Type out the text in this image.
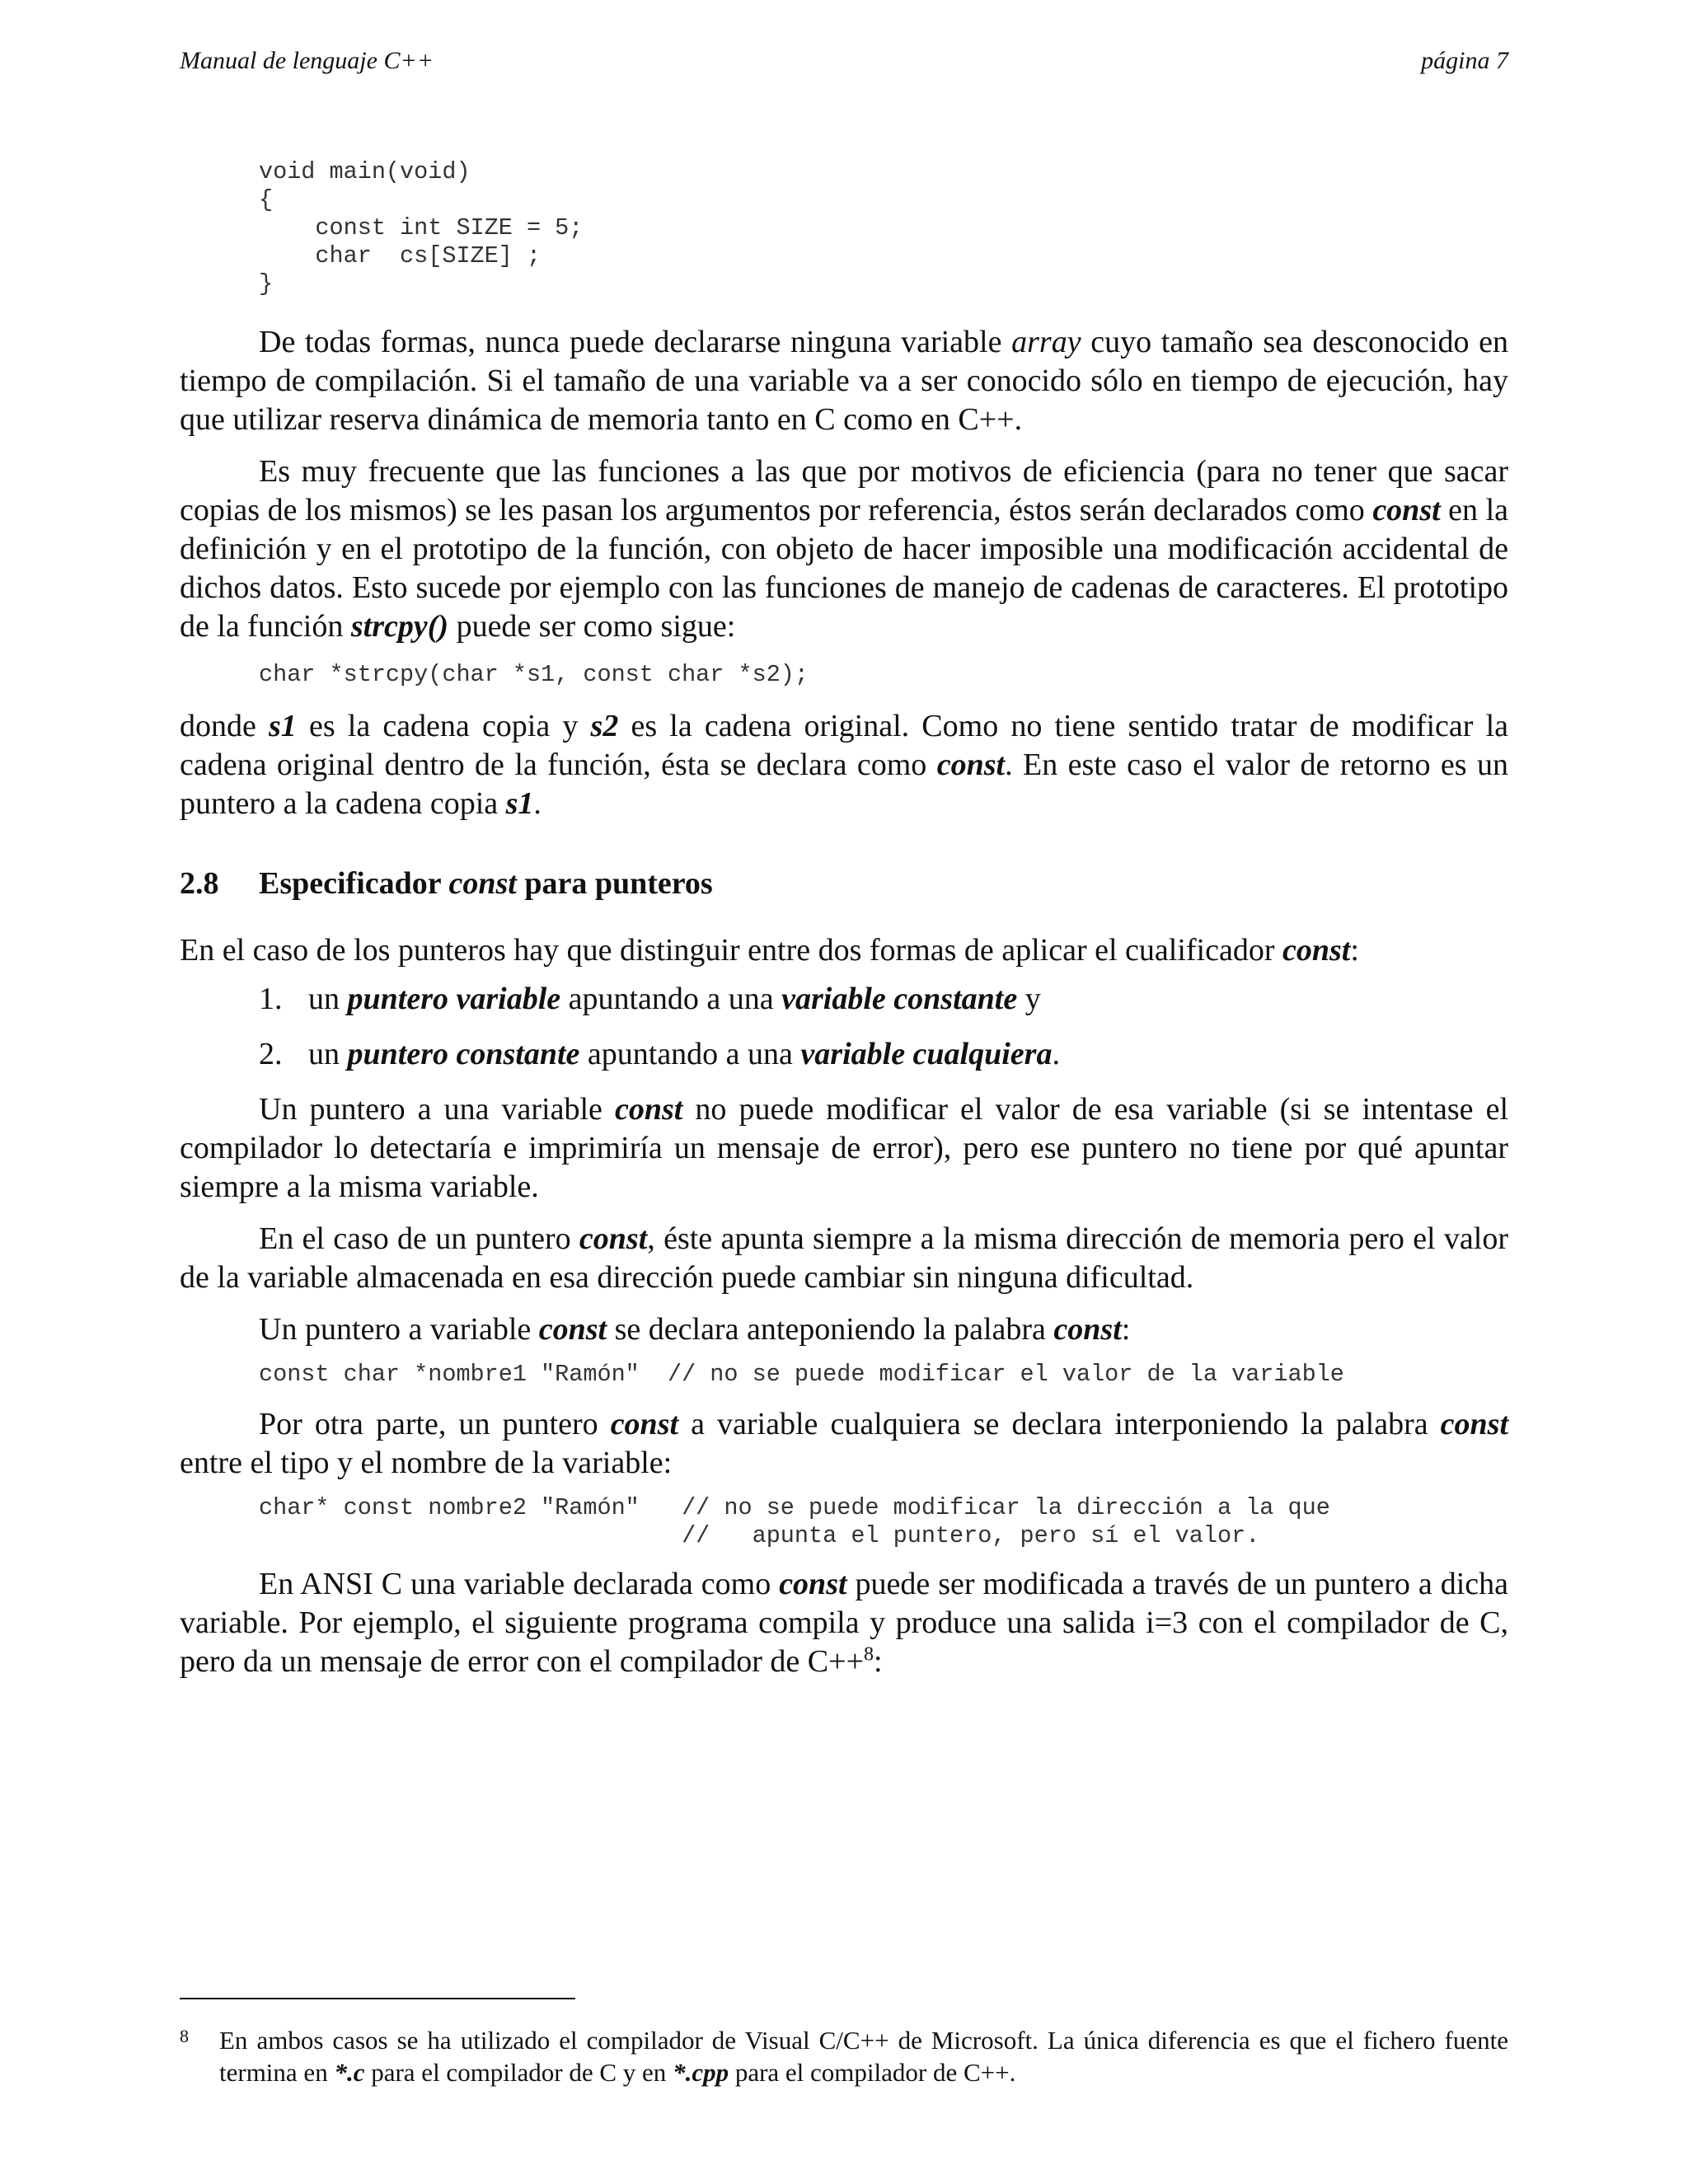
Manual de lenguaje C++	página 7
void main(void)
{
const int SIZE = 5;
char  cs[SIZE] ;
}

De todas formas, nunca puede declararse ninguna variable array cuyo tamaño sea desconocido en tiempo de compilación. Si el tamaño de una variable va a ser conocido sólo en tiempo de ejecución, hay que utilizar reserva dinámica de memoria tanto en C como en C++.

Es muy frecuente que las funciones a las que por motivos de eficiencia (para no tener que sacar copias de los mismos) se les pasan los argumentos por referencia, éstos serán declarados como const en la definición y en el prototipo de la función, con objeto de hacer imposible una modificación accidental de dichos datos. Esto sucede por ejemplo con las funciones de manejo de cadenas de caracteres. El prototipo de la función strcpy() puede ser como sigue:

char *strcpy(char *s1, const char *s2);

donde s1 es la cadena copia y s2 es la cadena original. Como no tiene sentido tratar de modificar la cadena original dentro de la función, ésta se declara como const. En este caso el valor de retorno es un puntero a la cadena copia s1.

2.8	Especificador const para punteros

En el caso de los punteros hay que distinguir entre dos formas de aplicar el cualificador const:

1. un puntero variable apuntando a una variable constante y
2. un puntero constante apuntando a una variable cualquiera.

Un puntero a una variable const no puede modificar el valor de esa variable (si se intentase el compilador lo detectaría e imprimiría un mensaje de error), pero ese puntero no tiene por qué apuntar siempre a la misma variable.

En el caso de un puntero const, éste apunta siempre a la misma dirección de memoria pero el valor de la variable almacenada en esa dirección puede cambiar sin ninguna dificultad.

Un puntero a variable const se declara anteponiendo la palabra const:

const char *nombre1 "Ramón"  // no se puede modificar el valor de la variable

Por otra parte, un puntero const a variable cualquiera se declara interponiendo la palabra const entre el tipo y el nombre de la variable:

char* const nombre2 "Ramón"   // no se puede modificar la dirección a la que
//   apunta el puntero, pero sí el valor.

En ANSI C una variable declarada como const puede ser modificada a través de un puntero a dicha variable. Por ejemplo, el siguiente programa compila y produce una salida i=3 con el compilador de C, pero da un mensaje de error con el compilador de C++$^8$:

8	En ambos casos se ha utilizado el compilador de Visual C/C++ de Microsoft. La única diferencia es que el fichero fuente termina en *.c para el compilador de C y en *.cpp para el compilador de C++.
